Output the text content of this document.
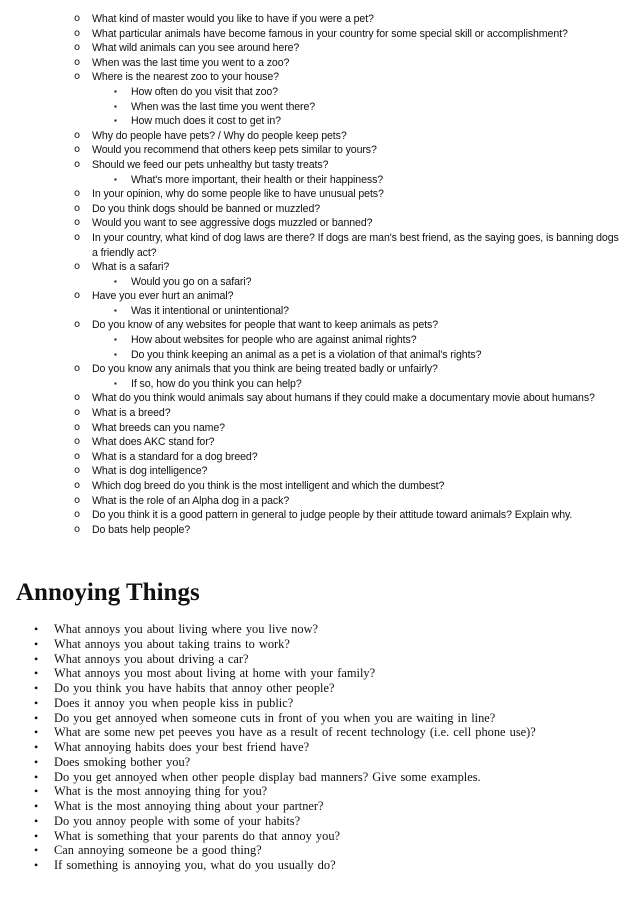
o What kind of master would you like to have if you were a pet?
o What particular animals have become famous in your country for some special skill or accomplishment?
o What wild animals can you see around here?
o When was the last time you went to a zoo?
o Where is the nearest zoo to your house?
▪ How often do you visit that zoo?
▪ When was the last time you went there?
▪ How much does it cost to get in?
o Why do people have pets? / Why do people keep pets?
o Would you recommend that others keep pets similar to yours?
o Should we feed our pets unhealthy but tasty treats?
▪ What's more important, their health or their happiness?
o In your opinion, why do some people like to have unusual pets?
o Do you think dogs should be banned or muzzled?
o Would you want to see aggressive dogs muzzled or banned?
o In your country, what kind of dog laws are there? If dogs are man's best friend, as the saying goes, is banning dogs a friendly act?
o What is a safari?
▪ Would you go on a safari?
o Have you ever hurt an animal?
▪ Was it intentional or unintentional?
o Do you know of any websites for people that want to keep animals as pets?
▪ How about websites for people who are against animal rights?
▪ Do you think keeping an animal as a pet is a violation of that animal's rights?
o Do you know any animals that you think are being treated badly or unfairly?
▪ If so, how do you think you can help?
o What do you think would animals say about humans if they could make a documentary movie about humans?
o What is a breed?
o What breeds can you name?
o What does AKC stand for?
o What is a standard for a dog breed?
o What is dog intelligence?
o Which dog breed do you think is the most intelligent and which the dumbest?
o What is the role of an Alpha dog in a pack?
o Do you think it is a good pattern in general to judge people by their attitude toward animals? Explain why.
o Do bats help people?
Annoying Things
• What annoys you about living where you live now?
• What annoys you about taking trains to work?
• What annoys you about driving a car?
• What annoys you most about living at home with your family?
• Do you think you have habits that annoy other people?
• Does it annoy you when people kiss in public?
• Do you get annoyed when someone cuts in front of you when you are waiting in line?
• What are some new pet peeves you have as a result of recent technology (i.e. cell phone use)?
• What annoying habits does your best friend have?
• Does smoking bother you?
• Do you get annoyed when other people display bad manners? Give some examples.
• What is the most annoying thing for you?
• What is the most annoying thing about your partner?
• Do you annoy people with some of your habits?
• What is something that your parents do that annoy you?
• Can annoying someone be a good thing?
• If something is annoying you, what do you usually do?
